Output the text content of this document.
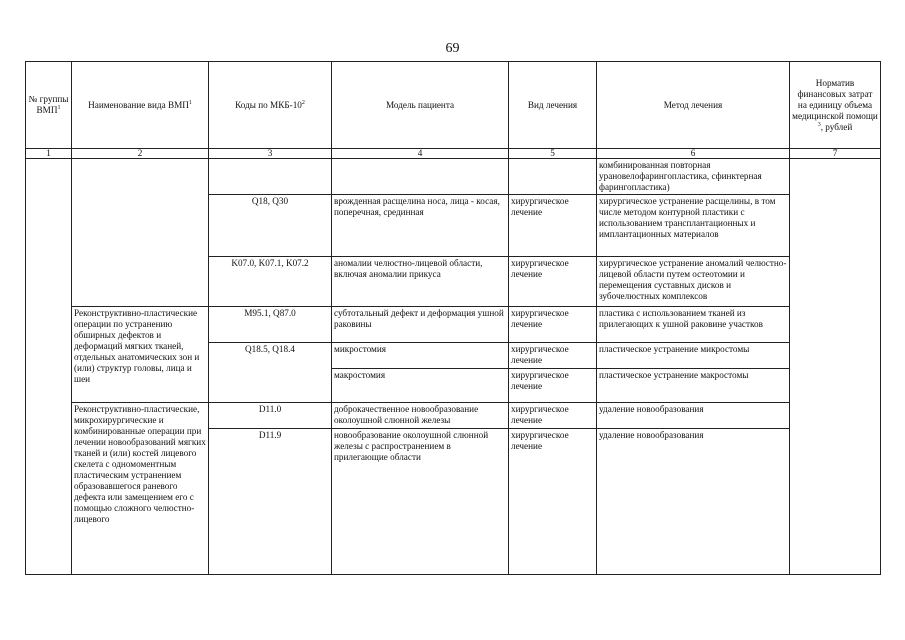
69
№ группы ВМП$^1$	Наименование вида ВМП$^1$	Коды по МКБ-$10^2$	Модель пациента	Вид лечения	Метод лечения	Норматив финансовых затрат на единицу объема медицинской помощи $^3$, рублей
1	2	3	4	5	6	7
					комбинированная повторная урановелофарингопластика, сфинктерная фарингопластика)	
		Q18, Q30	врожденная расщелина носа, лица - косая, поперечная, срединная	хирургическое лечение	хирургическое устранение расщелины, в том числе методом контурной пластики с использованием трансплантационных и имплантационных материалов	
		K07.0, K07.1, K07.2	аномалии челюстно-лицевой области, включая аномалии прикуса	хирургическое лечение	хирургическое устранение аномалий челюстно-лицевой области путем остеотомии и перемещения суставных дисков и зубочелюстных комплексов	
	Реконструктивно-пластические операции по устранению обширных дефектов и деформаций мягких тканей, отдельных анатомических зон и (или) структур головы, лица и шеи	M95.1, Q87.0	субтотальный дефект и деформация ушной раковины	хирургическое лечение	пластика с использованием тканей из прилегающих к ушной раковине участков	
		Q18.5, Q18.4	микростомия	хирургическое лечение	пластическое устранение микростомы	
			макростомия	хирургическое лечение	пластическое устранение макростомы	
	Реконструктивно-пластические, микрохирургические и комбинированные операции при лечении новообразований мягких тканей и (или) костей лицевого скелета с одномоментным пластическим устранением образовавшегося раневого дефекта или замещением его с помощью сложного челюстно-лицевого	D11.0	доброкачественное новообразование околоушной слюнной железы	хирургическое лечение	удаление новообразования	
		D11.9	новообразование околоушной слюнной железы с распространением в прилегающие области	хирургическое лечение	удаление новообразования	
